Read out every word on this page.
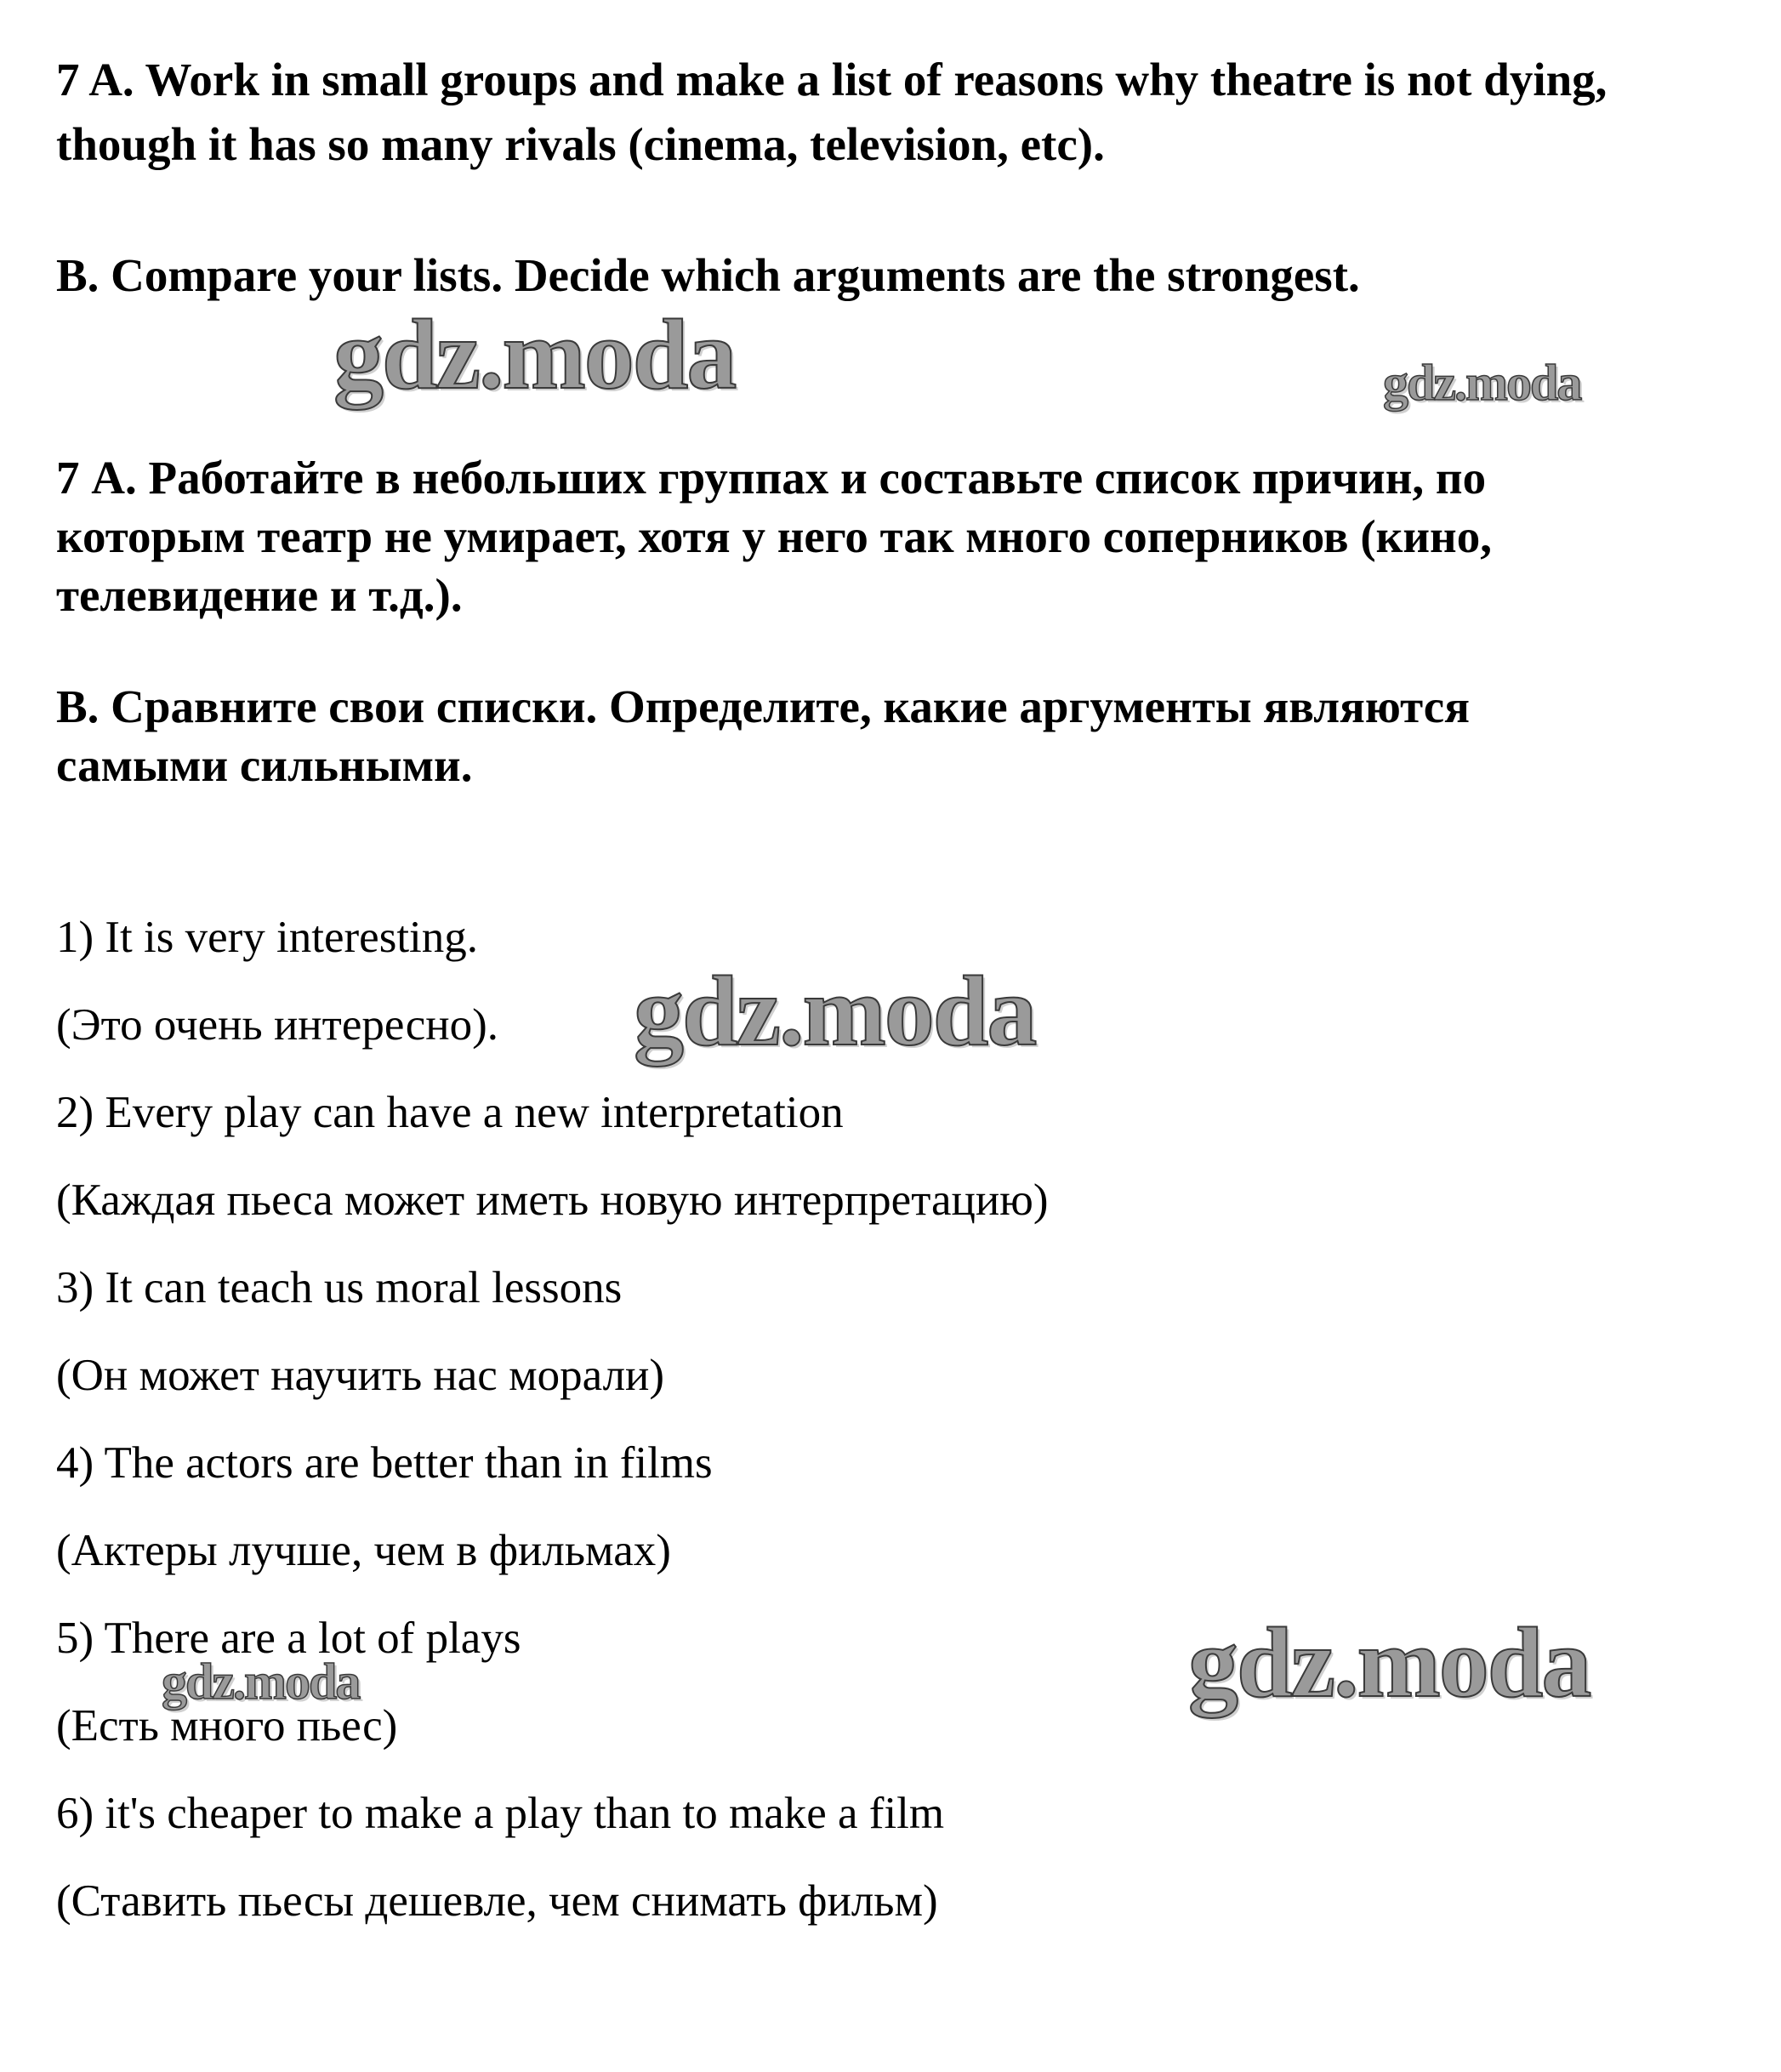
7 A. Work in small groups and make a list of reasons why theatre is not dying,

though it has so many rivals (cinema, television, etc).

B. Compare your lists. Decide which arguments are the strongest.

7 А. Работайте в небольших группах и составьте список причин, по

которым театр не умирает, хотя у него так много соперников (кино,

телевидение и т.д.).

В. Сравните свои списки. Определите, какие аргументы являются

самыми сильными.

1) It is very interesting.

(Это очень интересно).

2) Every play can have a new interpretation

(Каждая пьеса может иметь новую интерпретацию)

3) It can teach us moral lessons

(Он может научить нас морали)

4) The actors are better than in films

(Актеры лучше, чем в фильмах)

5) There are a lot of plays

(Есть много пьес)

6) it's cheaper to make a play than to make a film

(Ставить пьесы дешевле, чем снимать фильм)

gdz.moda	gdz.moda
gdz.moda
gdz.moda	gdz.moda
